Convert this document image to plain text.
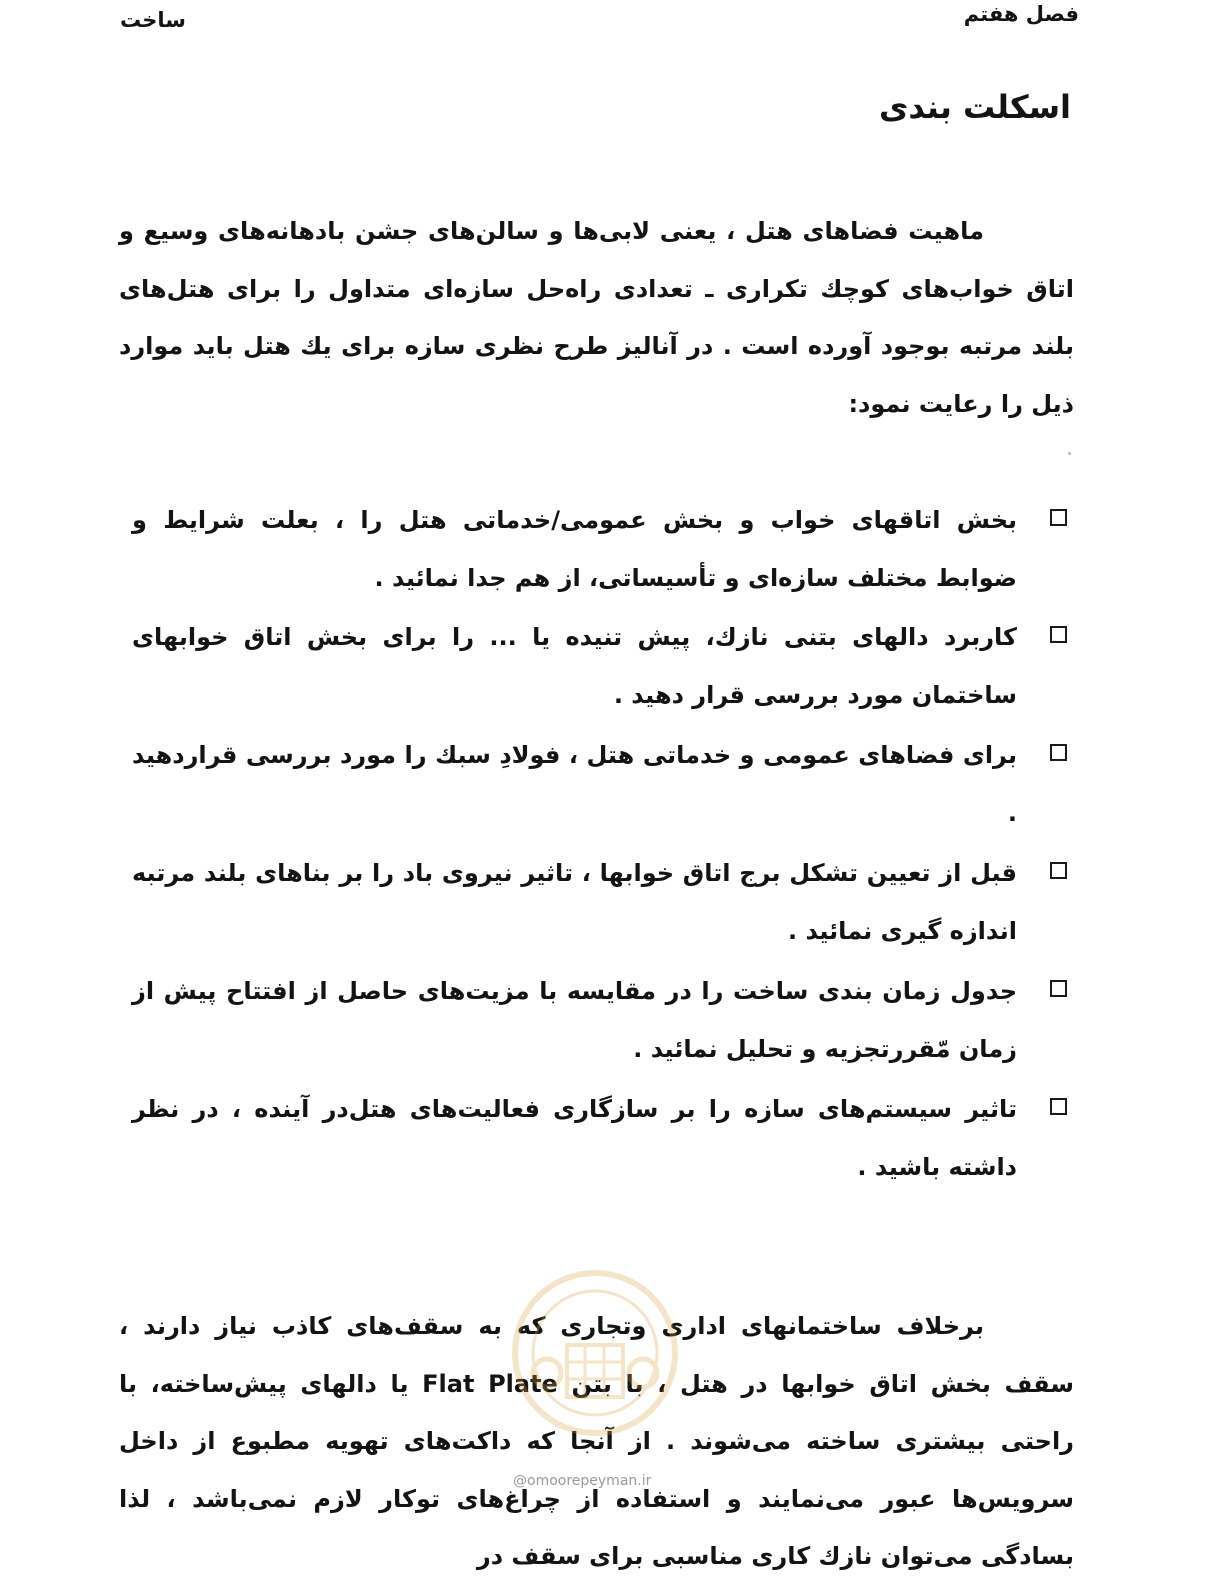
فصل هفتم
ساخت
اسکلت بندی
ماهیت فضاهای هتل ، یعنی لابی‌ها و سالن‌های جشن بادهانه‌های وسیع و اتاق خواب‌های کوچك تکراری ـ تعدادی راه‌حل سازه‌ای متداول را برای هتل‌های بلند مرتبه بوجود آورده است . در آنالیز طرح نظری سازه برای یك هتل باید موارد ذیل را رعایت نمود:
بخش اتاقهای خواب و بخش عمومی/خدماتی هتل را ، بعلت شرایط و ضوابط مختلف سازه‌ای و تأسیساتی، از هم جدا نمائید .
کاربرد دالهای بتنی نازك، پیش تنیده یا ... را برای بخش اتاق خوابهای ساختمان مورد بررسی قرار دهید .
برای فضاهای عمومی و خدماتی هتل ، فولادِ سبك را مورد بررسی قراردهید .
قبل از تعیین تشکل برج اتاق خوابها ، تاثیر نیروی باد را بر بناهای بلند مرتبه اندازه گیری نمائید .
جدول زمان بندی ساخت را در مقایسه با مزیت‌های حاصل از افتتاح پیش از زمان مّقررتجزیه و تحلیل نمائید .
تاثیر سیستم‌های سازه را بر سازگاری فعالیت‌های هتل‌در آینده ، در نظر داشته باشید .
برخلاف ساختمانهای اداری وتجاری که به سقف‌های کاذب نیاز دارند ، سقف بخش اتاق خوابها در هتل ، با بتن Flat Plate یا دالهای پیش‌ساخته، با راحتی بیشتری ساخته می‌شوند . از آنجا که داکت‌های تهویه مطبوع از داخل سرویس‌ها عبور می‌نمایند و استفاده از چراغ‌های توکار لازم نمی‌باشد ، لذا بسادگی می‌توان نازك کاری مناسبی برای سقف در
@omoorepeyman.ir
